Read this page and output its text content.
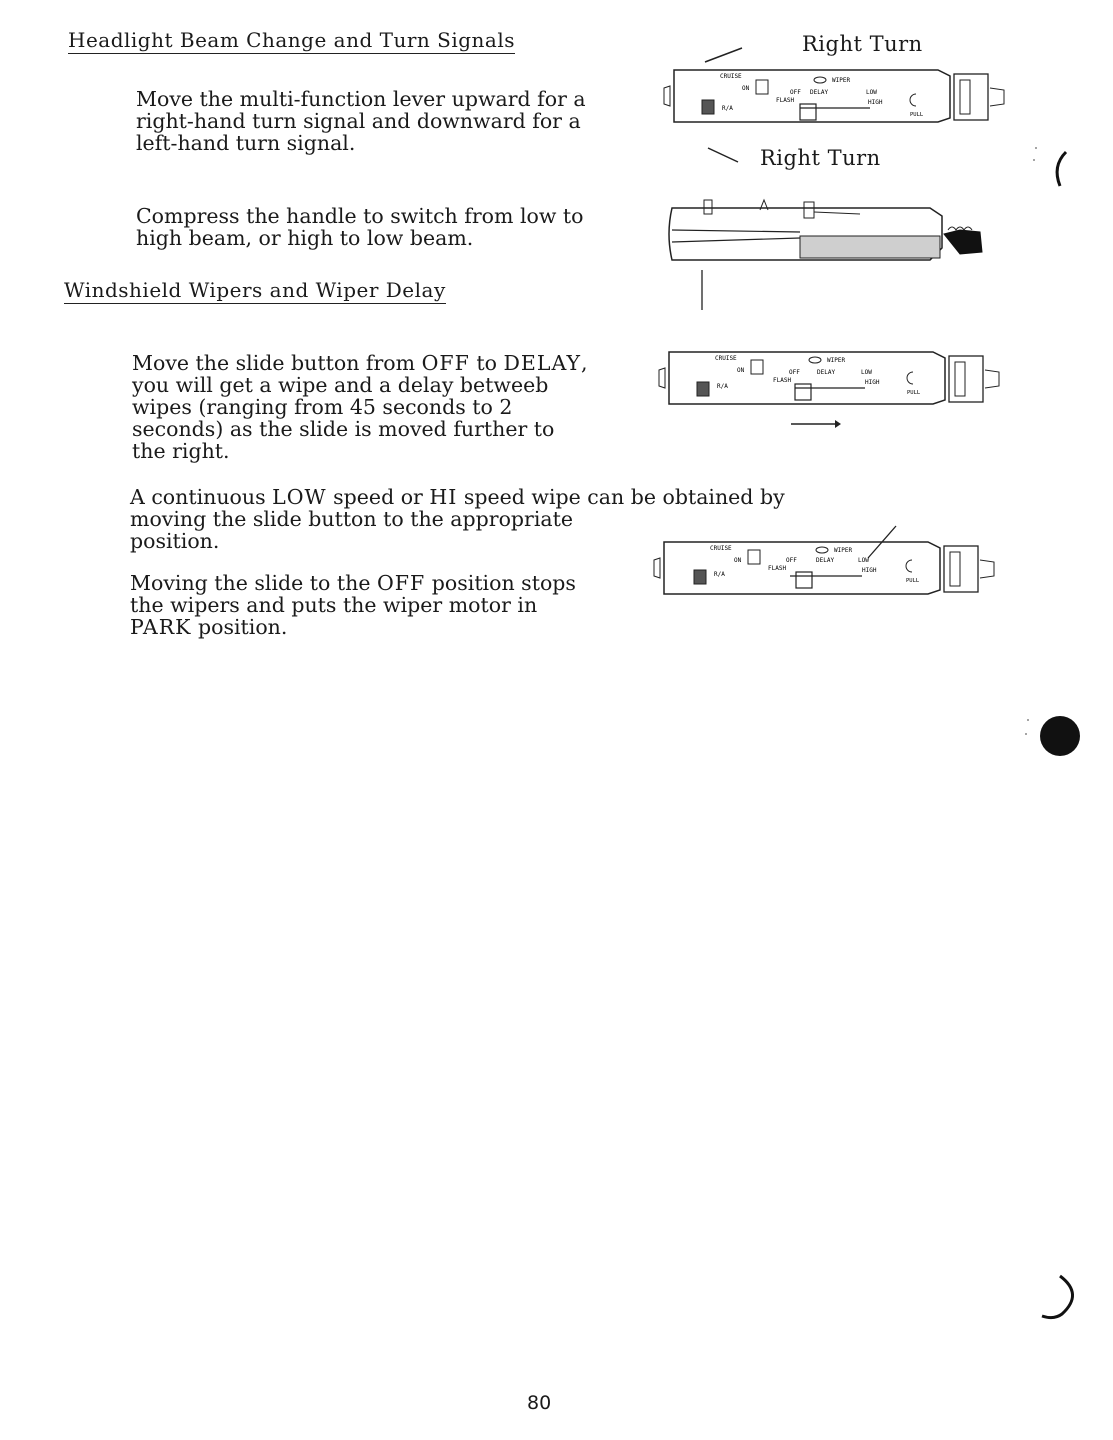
Headlight Beam Change and Turn Signals

Move the multi-function lever upward for a

right-hand turn signal and downward for a

left-hand turn signal.

Compress the handle to switch from low to

high beam, or high to low beam.

Right Turn
Right Turn
CRUISE
ON
R/A
WIPER
OFF DELAY	LOW
HIGH
FLASH
PULL
Windshield Wipers and Wiper Delay

Move the slide button from OFF to DELAY,

you will get a wipe and a delay betweeb

wipes (ranging from 45 seconds to 2

seconds) as the slide is moved further to

the right.

A continuous LOW speed or HI speed wipe can be obtained by

moving the slide button to the appropriate

position.

Moving the slide to the OFF position stops

the wipers and puts the wiper motor in

PARK position.

CRUISE
ON
R/A
WIPER
OFF	DELAY	LOW
HIGH
FLASH
PULL
CRUISE
ON
R/A
WIPER
OFF	DELAY	LOW
HIGH
FLASH
PULL
80
